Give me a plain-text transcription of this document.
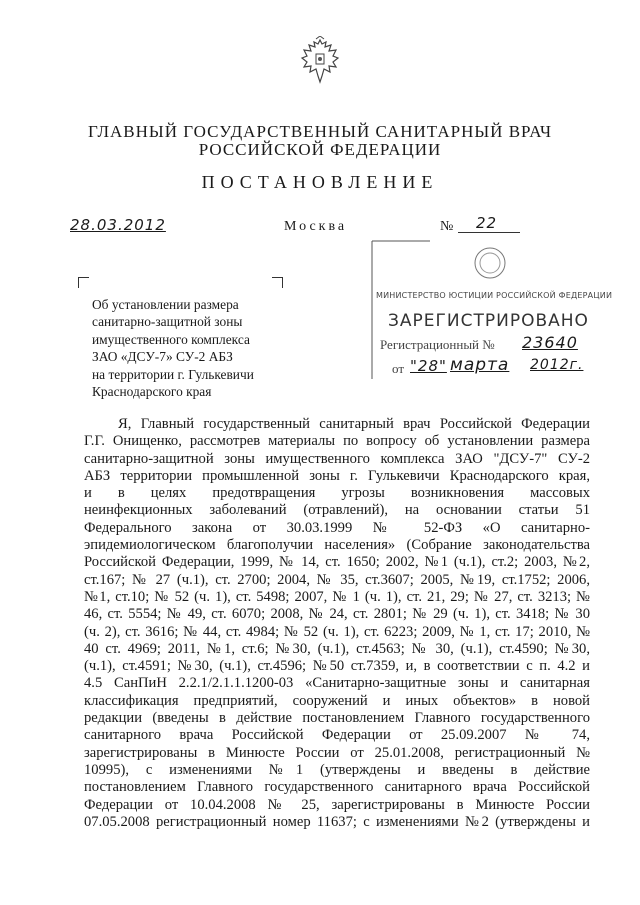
ГЛАВНЫЙ ГОСУДАРСТВЕННЫЙ САНИТАРНЫЙ ВРАЧ
РОССИЙСКОЙ ФЕДЕРАЦИИ
ПОСТАНОВЛЕНИЕ
28.03.2012	Москва	№ 22
Об установлении размера
санитарно-защитной зоны
имущественного комплекса
ЗАО «ДСУ-7» СУ-2 АБЗ
на территории г. Гулькевичи
Краснодарского края
МИНИСТЕРСТВО ЮСТИЦИИ РОССИЙСКОЙ ФЕДЕРАЦИИ
ЗАРЕГИСТРИРОВАНО
Регистрационный № 23640
от "28" марта 2012г.
Я, Главный государственный санитарный врач Российской Федерации
Г.Г. Онищенко, рассмотрев материалы по вопросу об установлении размера
санитарно-защитной зоны имущественного комплекса ЗАО "ДСУ-7" СУ-2
АБЗ территории промышленной зоны г. Гулькевичи Краснодарского края,
и в целях предотвращения угрозы возникновения массовых
неинфекционных заболеваний (отравлений), на основании статьи 51
Федерального закона от 30.03.1999 № 52-ФЗ «О санитарно-
эпидемиологическом благополучии населения» (Собрание законодательства
Российской Федерации, 1999, № 14, ст. 1650; 2002, №1 (ч.1), ст.2; 2003, №2,
ст.167; № 27 (ч.1), ст. 2700; 2004, № 35, ст.3607; 2005, №19, ст.1752; 2006,
№1, ст.10; № 52 (ч. 1), ст. 5498; 2007, № 1 (ч. 1), ст. 21, 29; № 27, ст. 3213; №
46, ст. 5554; № 49, ст. 6070; 2008, № 24, ст. 2801; № 29 (ч. 1), ст. 3418; № 30
(ч. 2), ст. 3616; № 44, ст. 4984; № 52 (ч. 1), ст. 6223; 2009, № 1, ст. 17; 2010, №
40 ст. 4969; 2011, №1, ст.6; №30, (ч.1), ст.4563; № 30, (ч.1), ст.4590; №30,
(ч.1), ст.4591; №30, (ч.1), ст.4596; №50 ст.7359, и, в соответствии с п. 4.2 и
4.5 СанПиН 2.2.1/2.1.1.1200-03 «Санитарно-защитные зоны и санитарная
классификация предприятий, сооружений и иных объектов» в новой
редакции (введены в действие постановлением Главного государственного
санитарного врача Российской Федерации от 25.09.2007 № 74,
зарегистрированы в Минюсте России от 25.01.2008, регистрационный №
10995), с изменениями №1 (утверждены и введены в действие
постановлением Главного государственного санитарного врача Российской
Федерации от 10.04.2008 № 25, зарегистрированы в Минюсте России
07.05.2008 регистрационный номер 11637; с изменениями №2 (утверждены и
